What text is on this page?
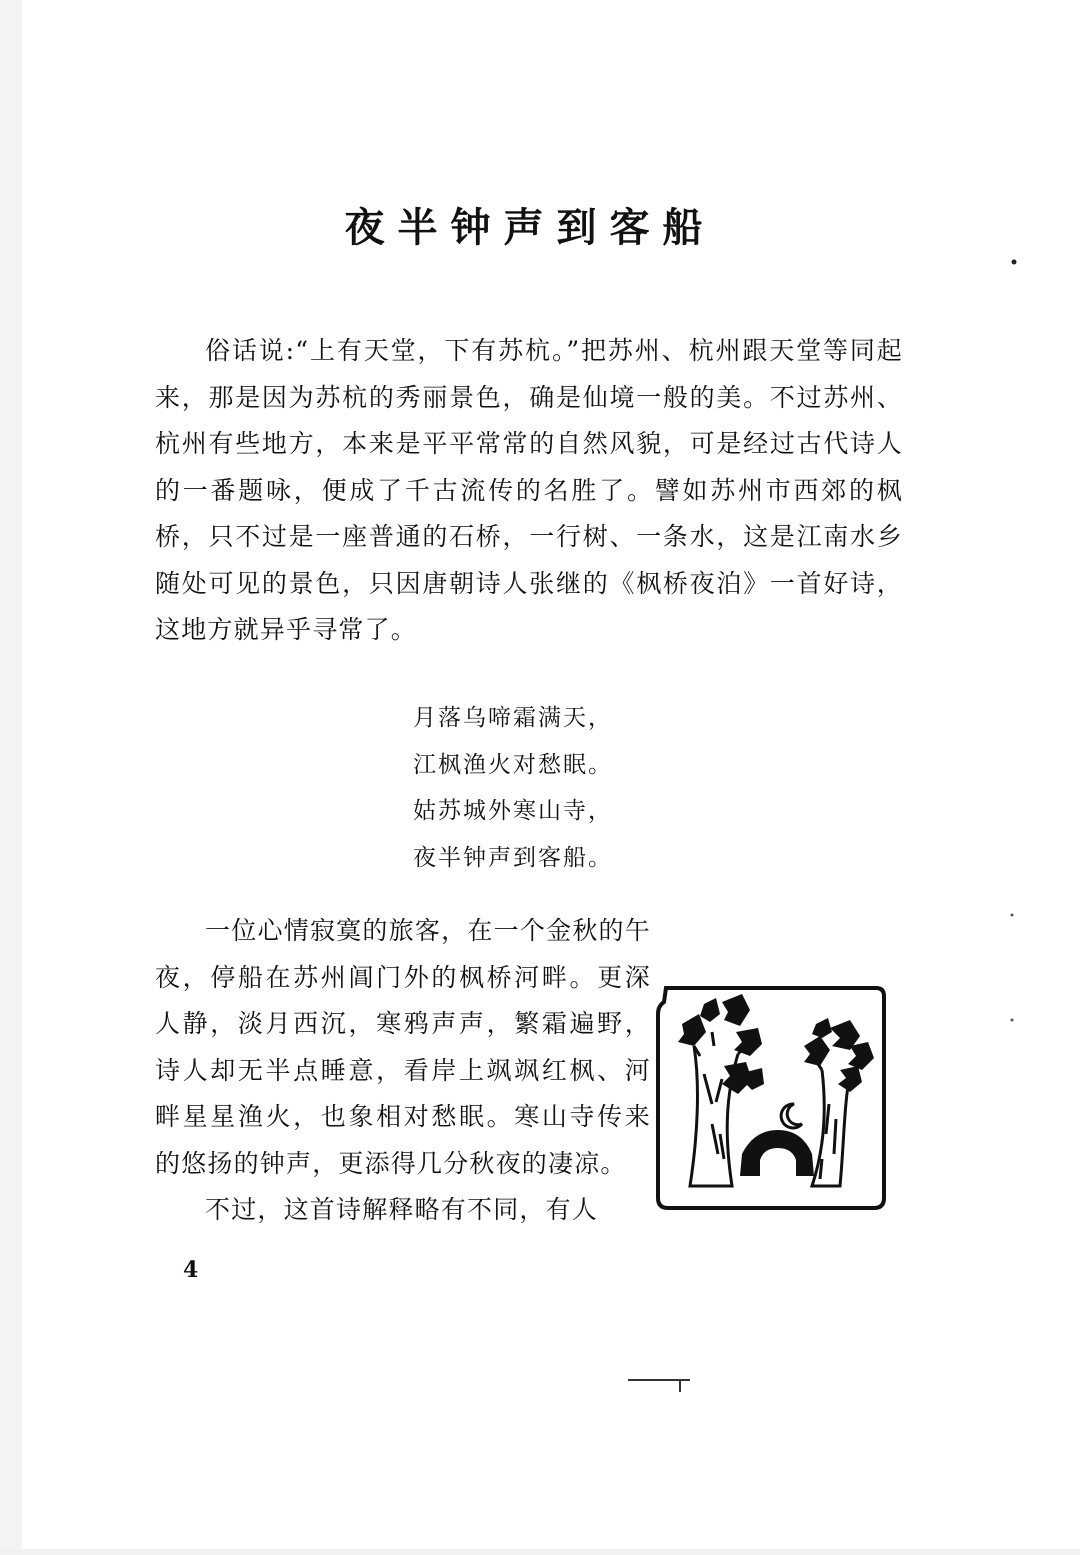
夜半钟声到客船

俗话说:“上有天堂，下有苏杭。”把苏州、杭州跟天堂等同起来，那是因为苏杭的秀丽景色，确是仙境一般的美。不过苏州、杭州有些地方，本来是平平常常的自然风貌，可是经过古代诗人的一番题咏，便成了千古流传的名胜了。譬如苏州市西郊的枫桥，只不过是一座普通的石桥，一行树、一条水，这是江南水乡随处可见的景色，只因唐朝诗人张继的《枫桥夜泊》一首好诗，这地方就异乎寻常了。

月落乌啼霜满天，
江枫渔火对愁眠。
姑苏城外寒山寺，
夜半钟声到客船。
一位心情寂寞的旅客，在一个金秋的午夜，停船在苏州阊门外的枫桥河畔。更深人静，淡月西沉，寒鸦声声，繁霜遍野，诗人却无半点睡意，看岸上飒飒红枫、河畔星星渔火，也象相对愁眠。寒山寺传来的悠扬的钟声，更添得几分秋夜的凄凉。
不过，这首诗解释略有不同，有人
4
